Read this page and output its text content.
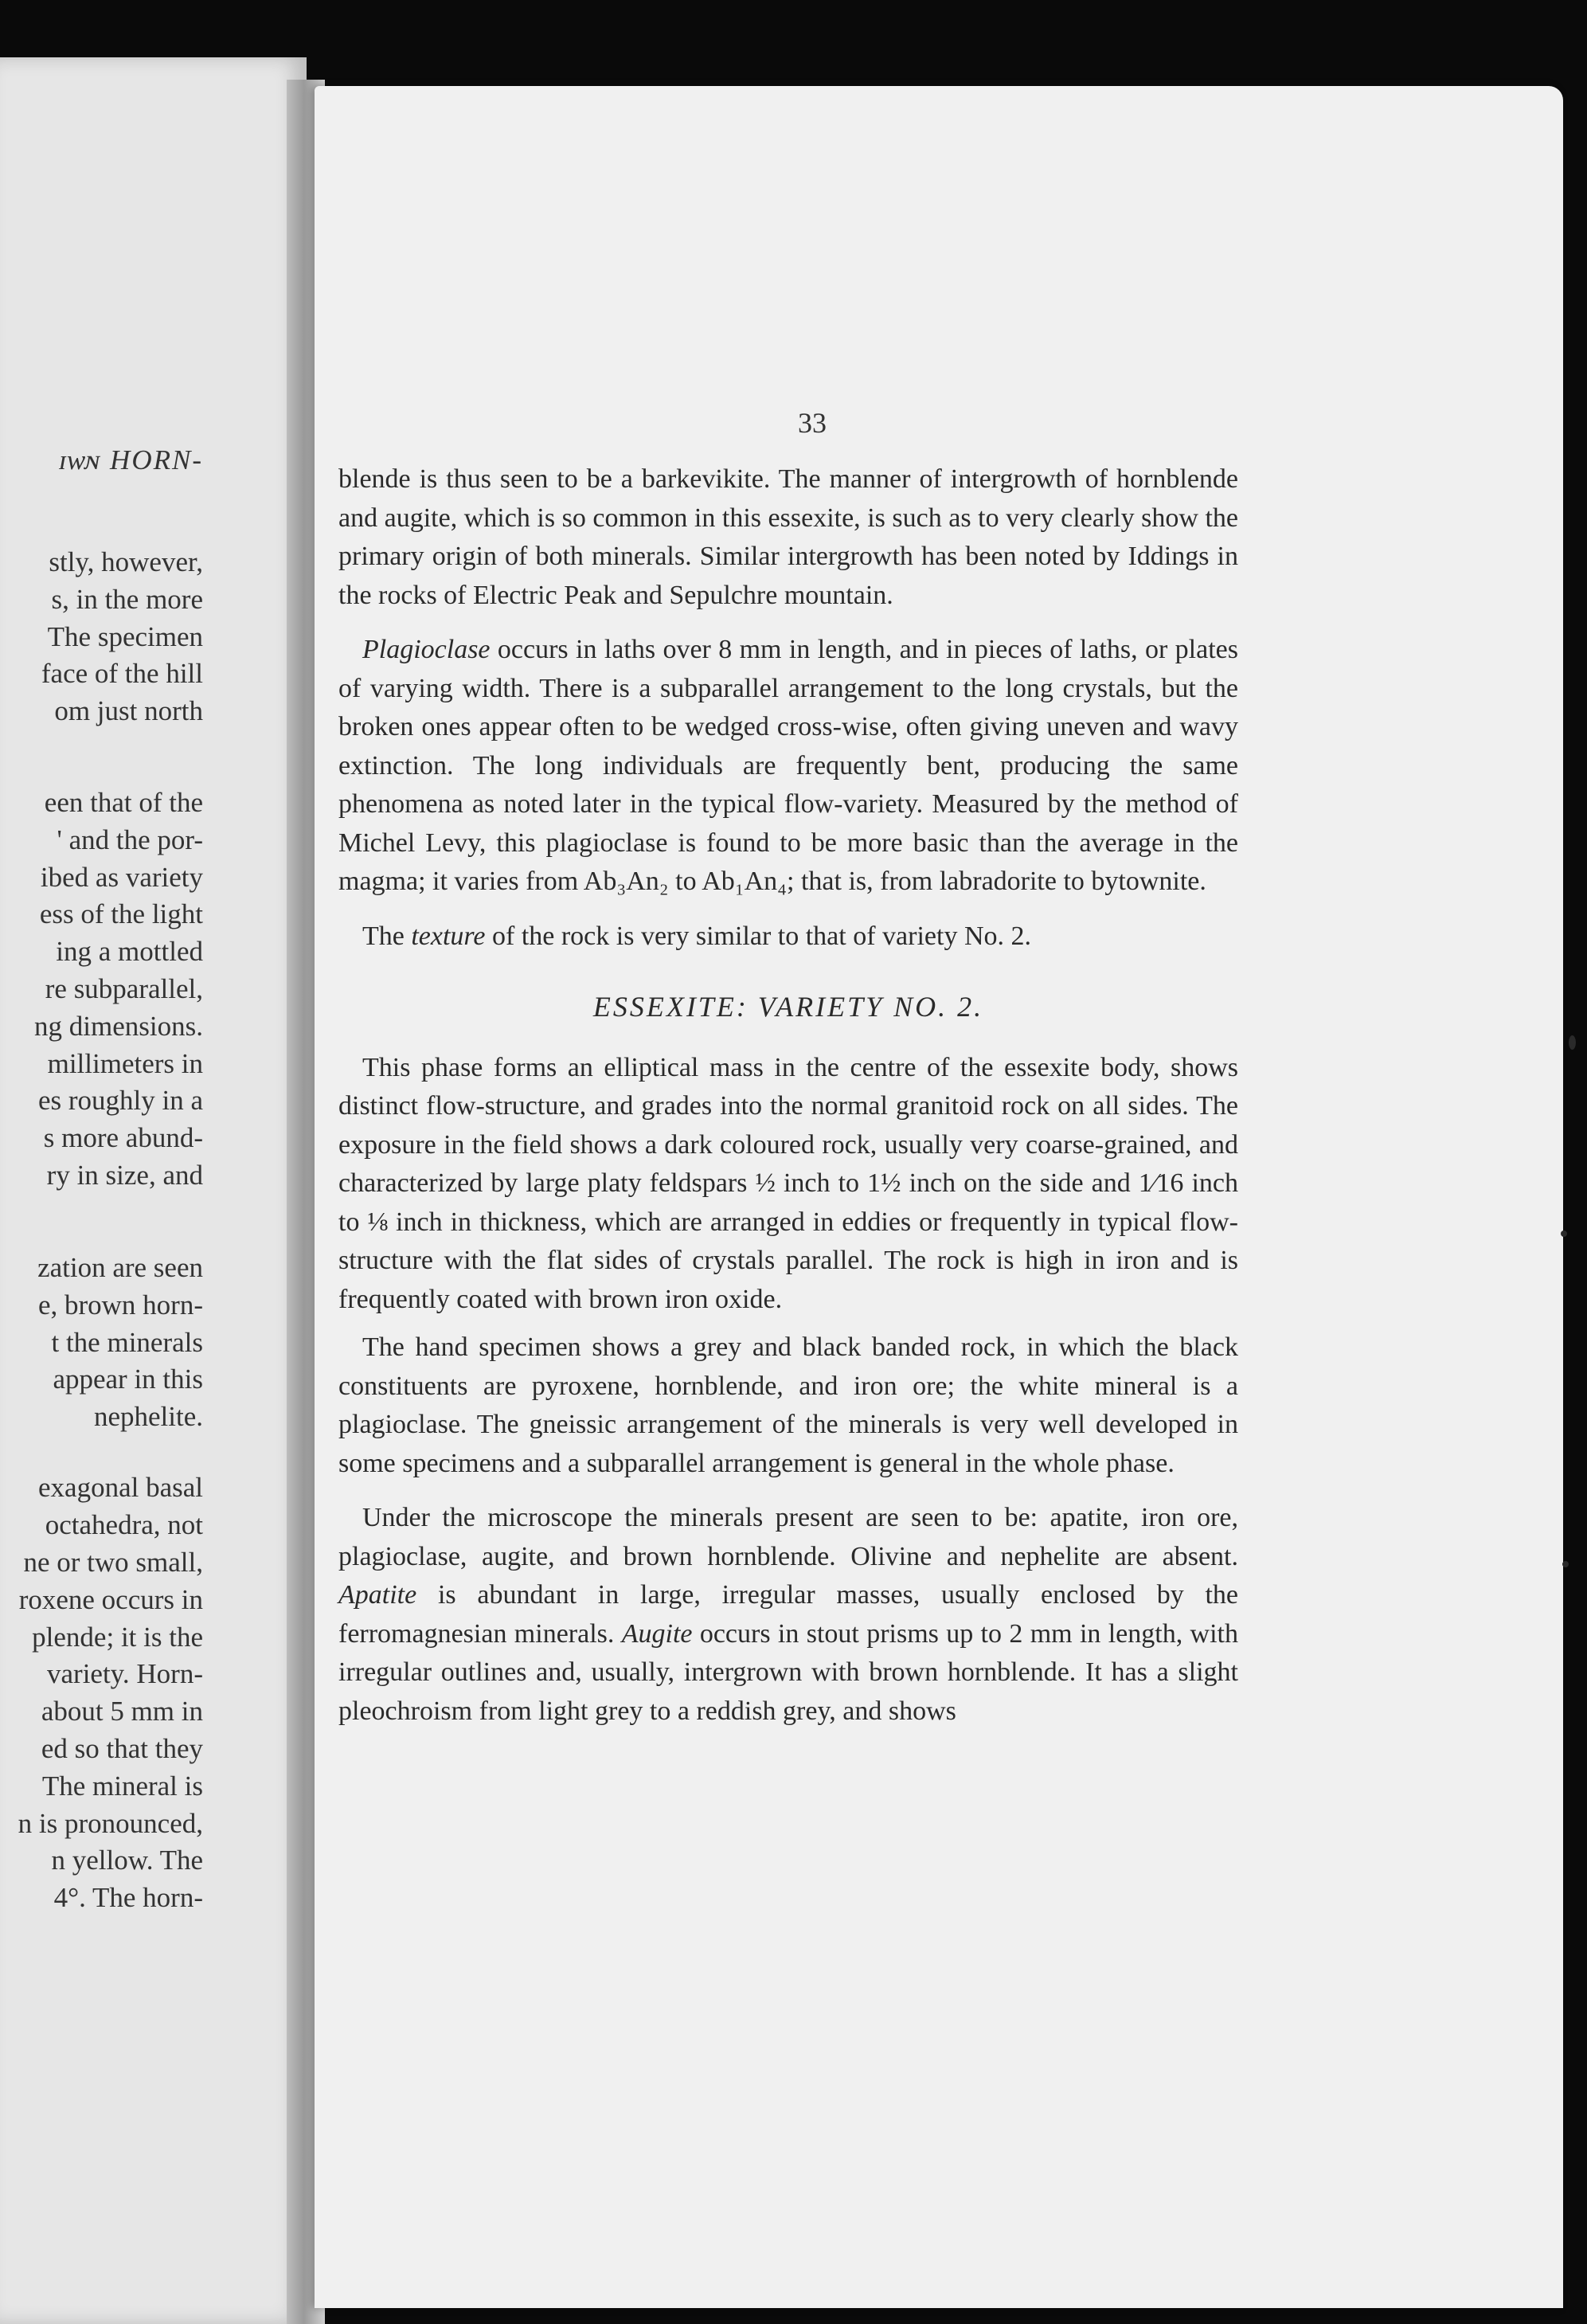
ɪᴡɴ HORN-
stly, however,
s, in the more
The specimen
face of the hill
om just north
een that of the
' and the por-
ibed as variety
ess of the light
ing a mottled
re subparallel,
ng dimensions.
millimeters in
es roughly in a
s more abund-
ry in size, and
zation are seen
e, brown horn-
t the minerals
appear in this
nephelite.
exagonal basal
octahedra, not
ne or two small,
roxene occurs in
plende; it is the
variety. Horn-
about 5 mm in
ed so that they
The mineral is
n is pronounced,
n yellow. The
4°. The horn-
33

blende is thus seen to be a barkevikite. The manner of intergrowth of hornblende and augite, which is so common in this essexite, is such as to very clearly show the primary origin of both minerals. Similar intergrowth has been noted by Iddings in the rocks of Electric Peak and Sepulchre mountain.

Plagioclase occurs in laths over 8 mm in length, and in pieces of laths, or plates of varying width. There is a subparallel arrangement to the long crystals, but the broken ones appear often to be wedged cross-wise, often giving uneven and wavy extinction. The long individuals are frequently bent, producing the same phenomena as noted later in the typical flow-variety. Measured by the method of Michel Levy, this plagioclase is found to be more basic than the average in the magma; it varies from Ab₃An₂ to Ab₁An₄; that is, from labradorite to bytownite.

The texture of the rock is very similar to that of variety No. 2.

ESSEXITE: VARIETY NO. 2.

This phase forms an elliptical mass in the centre of the essexite body, shows distinct flow-structure, and grades into the normal granitoid rock on all sides. The exposure in the field shows a dark coloured rock, usually very coarse-grained, and characterized by large platy feldspars ½ inch to 1½ inch on the side and 1⁄16 inch to ⅛ inch in thickness, which are arranged in eddies or frequently in typical flow-structure with the flat sides of crystals parallel. The rock is high in iron and is frequently coated with brown iron oxide.

The hand specimen shows a grey and black banded rock, in which the black constituents are pyroxene, hornblende, and iron ore; the white mineral is a plagioclase. The gneissic arrangement of the minerals is very well developed in some specimens and a subparallel arrangement is general in the whole phase.

Under the microscope the minerals present are seen to be: apatite, iron ore, plagioclase, augite, and brown hornblende. Olivine and nephelite are absent. Apatite is abundant in large, irregular masses, usually enclosed by the ferromagnesian minerals. Augite occurs in stout prisms up to 2 mm in length, with irregular outlines and, usually, intergrown with brown hornblende. It has a slight pleochroism from light grey to a reddish grey, and shows
